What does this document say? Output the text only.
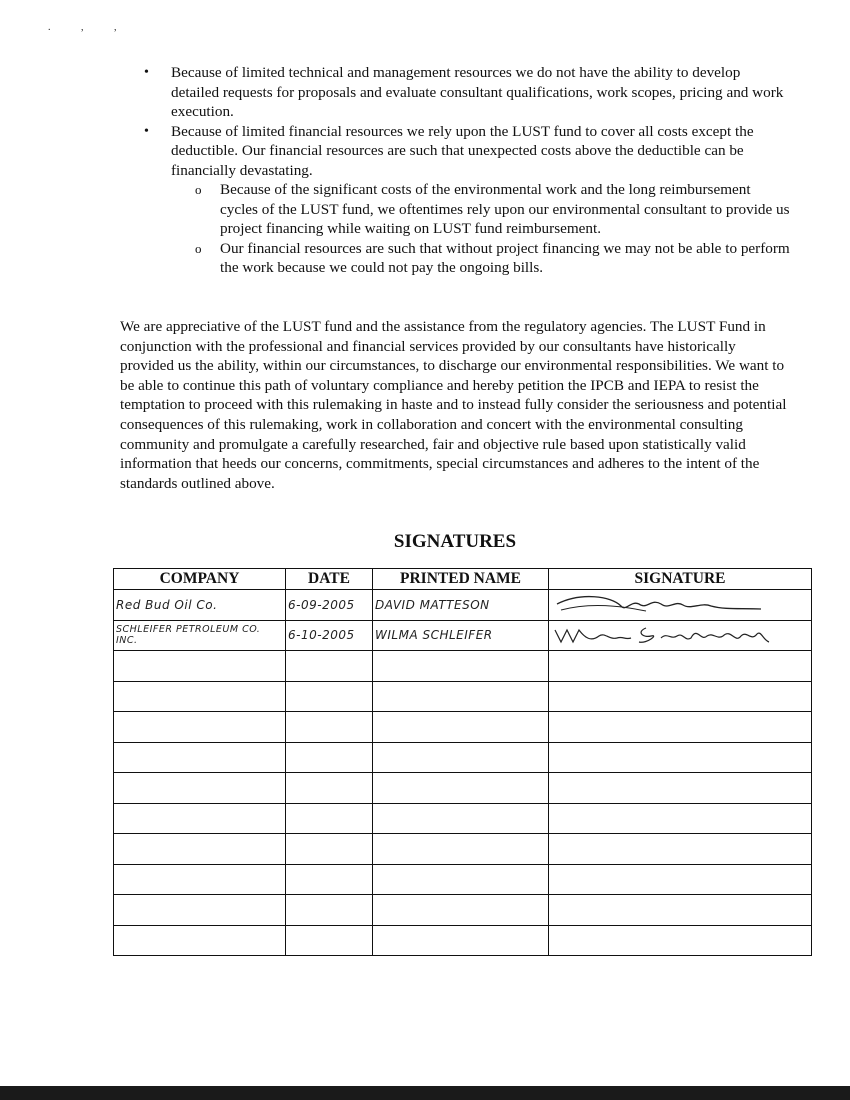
. , ,
• Because of limited technical and management resources we do not have the ability to develop detailed requests for proposals and evaluate consultant qualifications, work scopes, pricing and work execution.
• Because of limited financial resources we rely upon the LUST fund to cover all costs except the deductible. Our financial resources are such that unexpected costs above the deductible can be financially devastating.
o Because of the significant costs of the environmental work and the long reimbursement cycles of the LUST fund, we oftentimes rely upon our environmental consultant to provide us project financing while waiting on LUST fund reimbursement.
o Our financial resources are such that without project financing we may not be able to perform the work because we could not pay the ongoing bills.

We are appreciative of the LUST fund and the assistance from the regulatory agencies. The LUST Fund in conjunction with the professional and financial services provided by our consultants have historically provided us the ability, within our circumstances, to discharge our environmental responsibilities. We want to be able to continue this path of voluntary compliance and hereby petition the IPCB and IEPA to resist the temptation to proceed with this rulemaking in haste and to instead fully consider the seriousness and potential consequences of this rulemaking, work in collaboration and concert with the environmental consulting community and promulgate a carefully researched, fair and objective rule based upon statistically valid information that heeds our concerns, commitments, special circumstances and adheres to the intent of the standards outlined above.

SIGNATURES
COMPANY	DATE	PRINTED NAME	SIGNATURE
Red Bud Oil Co.	6-09-2005	DAVID MATTESON	

SCHLEIFER PETROLEUM CO. INC.	6-10-2005	WILMA SCHLEIFER	
